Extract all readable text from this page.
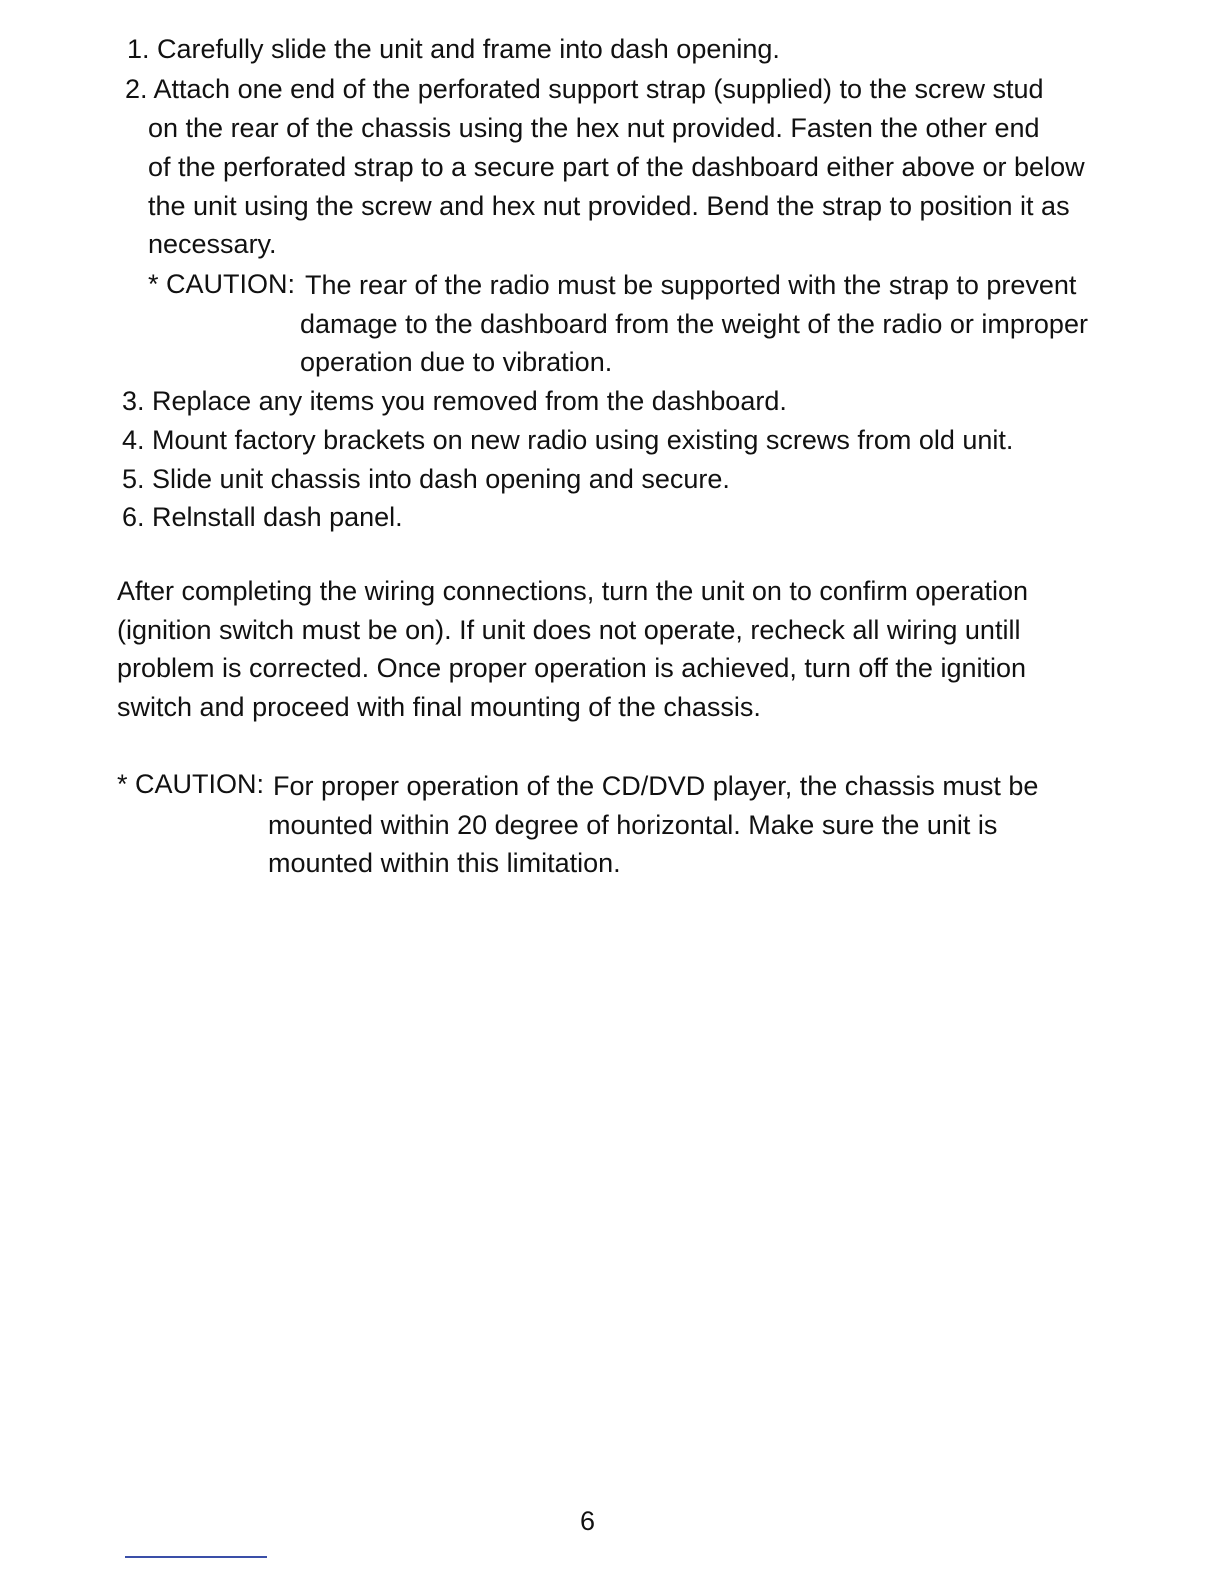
1. Carefully slide the unit and frame into dash opening.
2. Attach one end of the perforated support strap (supplied) to the screw stud
on the rear of the chassis using the hex nut provided. Fasten the other end
of the perforated strap to a secure part of the dashboard either above or below
the unit using the screw and hex nut provided. Bend the strap to position it as
necessary.
* CAUTION: The rear of the radio must be supported with the strap to prevent
damage to the dashboard from the weight of the radio or improper
operation due to vibration.
3. Replace any items you removed from the dashboard.
4. Mount factory brackets on new radio using existing screws from old unit.
5. Slide unit chassis into dash opening and secure.
6. Relnstall dash panel.
After completing the wiring connections, turn the unit on to confirm operation
(ignition switch must be on). If unit does not operate, recheck all wiring untill
problem is corrected. Once proper operation is achieved, turn off the ignition
switch and proceed with final mounting of the chassis.
* CAUTION: For proper operation of the CD/DVD player, the chassis must be
mounted within 20 degree of horizontal. Make sure the unit is
mounted within this limitation.
6
